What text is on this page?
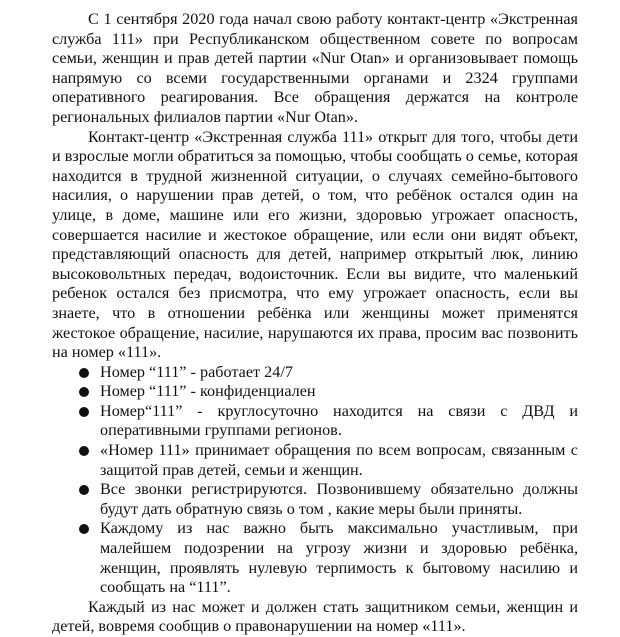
С 1 сентября 2020 года начал свою работу контакт-центр «Экстренная служба 111» при Республиканском общественном совете по вопросам семьи, женщин и прав детей партии «Nur Otan» и организовывает помощь напрямую со всеми государственными органами и 2324 группами оперативного реагирования. Все обращения держатся на контроле региональных филиалов партии «Nur Otan».

Контакт-центр «Экстренная служба 111» открыт для того, чтобы дети и взрослые могли обратиться за помощью, чтобы сообщать о семье, которая находится в трудной жизненной ситуации, о случаях семейно-бытового насилия, о нарушении прав детей, о том, что ребёнок остался один на улице, в доме, машине или его жизни, здоровью угрожает опасность, совершается насилие и жестокое обращение, или если они видят объект, представляющий опасность для детей, например открытый люк, линию высоковольтных передач, водоисточник. Если вы видите, что маленький ребенок остался без присмотра, что ему угрожает опасность, если вы знаете, что в отношении ребёнка или женщины может применятся жестокое обращение, насилие, нарушаются их права, просим вас позвонить на номер «111».

Номер “111” - работает 24/7
Номер “111” - конфиденциален
Номер“111” - круглосуточно находится на связи с ДВД и оперативными группами регионов.
«Номер 111» принимает обращения по всем вопросам, связанным с защитой прав детей, семьи и женщин.
Все звонки регистрируются. Позвонившему обязательно должны будут дать обратную связь о том , какие меры были приняты.
Каждому из нас важно быть максимально участливым, при малейшем подозрении на угрозу жизни и здоровью ребёнка, женщин, проявлять нулевую терпимость к бытовому насилию и сообщать на “111”.

Каждый из нас может и должен стать защитником семьи, женщин и детей, вовремя сообщив о правонарушении на номер «111».
